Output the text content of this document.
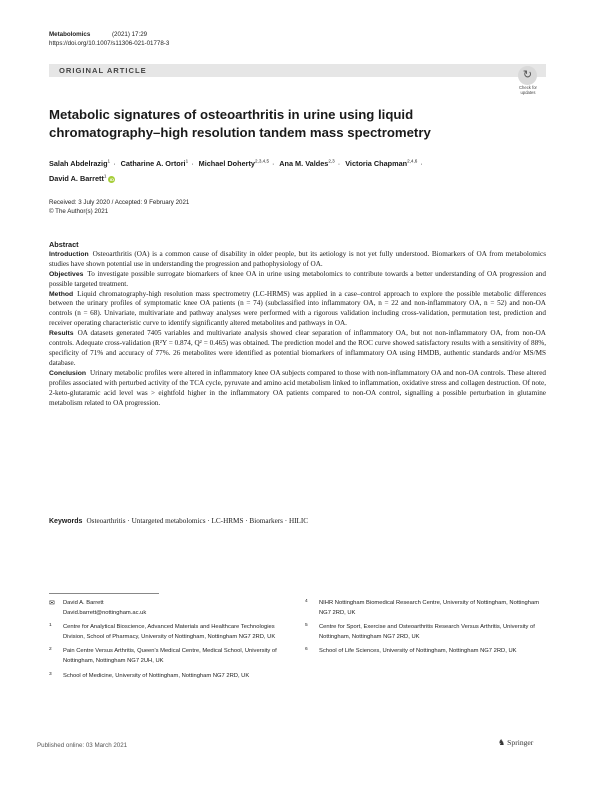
Metabolomics	(2021) 17:29
https://doi.org/10.1007/s11306-021-01778-3
ORIGINAL ARTICLE	↻
Check for
updates
Metabolic signatures of osteoarthritis in urine using liquid chromatography–high resolution tandem mass spectrometry
Salah Abdelrazig$^1$ · Catharine A. Ortori$^1$ · Michael Doherty$^{2,3,4,5}$ · Ana M. Valdes$^{2,3}$ · Victoria Chapman$^{2,4,6}$ ·
David A. Barrett$^1$iD
Received: 3 July 2020 / Accepted: 9 February 2021
© The Author(s) 2021
Abstract

Introduction Osteoarthritis (OA) is a common cause of disability in older people, but its aetiology is not yet fully understood. Biomarkers of OA from metabolomics studies have shown potential use in understanding the progression and pathophysiology of OA.

Objectives To investigate possible surrogate biomarkers of knee OA in urine using metabolomics to contribute towards a better understanding of OA progression and possible targeted treatment.

Method Liquid chromatography-high resolution mass spectrometry (LC-HRMS) was applied in a case–control approach to explore the possible metabolic differences between the urinary profiles of symptomatic knee OA patients (n = 74) (subclassified into inflammatory OA, n = 22 and non-inflammatory OA, n = 52) and non-OA controls (n = 68). Univariate, multivariate and pathway analyses were performed with a rigorous validation including cross-validation, permutation test, prediction and receiver operating characteristic curve to identify significantly altered metabolites and pathways in OA.

Results OA datasets generated 7405 variables and multivariate analysis showed clear separation of inflammatory OA, but not non-inflammatory OA, from non-OA controls. Adequate cross-validation (R²Y = 0.874, Q² = 0.465) was obtained. The prediction model and the ROC curve showed satisfactory results with a sensitivity of 88%, specificity of 71% and accuracy of 77%. 26 metabolites were identified as potential biomarkers of inflammatory OA using HMDB, authentic standards and/or MS/MS database.

Conclusion Urinary metabolic profiles were altered in inflammatory knee OA subjects compared to those with non-inflammatory OA and non-OA controls. These altered profiles associated with perturbed activity of the TCA cycle, pyruvate and amino acid metabolism linked to inflammation, oxidative stress and collagen destruction. Of note, 2-keto-glutaramic acid level was > eightfold higher in the inflammatory OA patients compared to non-OA control, signalling a possible perturbation in glutamine metabolism related to OA progression.

Keywords Osteoarthritis · Untargeted metabolomics · LC-HRMS · Biomarkers · HILIC
✉ David A. Barrett
David.barrett@nottingham.ac.uk
1 Centre for Analytical Bioscience, Advanced Materials and Healthcare Technologies Division, School of Pharmacy, University of Nottingham, Nottingham NG7 2RD, UK
2 Pain Centre Versus Arthritis, Queen's Medical Centre, Medical School, University of Nottingham, Nottingham NG7 2UH, UK
3 School of Medicine, University of Nottingham, Nottingham NG7 2RD, UK
4 NIHR Nottingham Biomedical Research Centre, University of Nottingham, Nottingham NG7 2RD, UK
5 Centre for Sport, Exercise and Osteoarthritis Research Versus Arthritis, University of Nottingham, Nottingham NG7 2RD, UK
6 School of Life Sciences, University of Nottingham, Nottingham NG7 2RD, UK
Published online: 03 March 2021	♞ Springer
